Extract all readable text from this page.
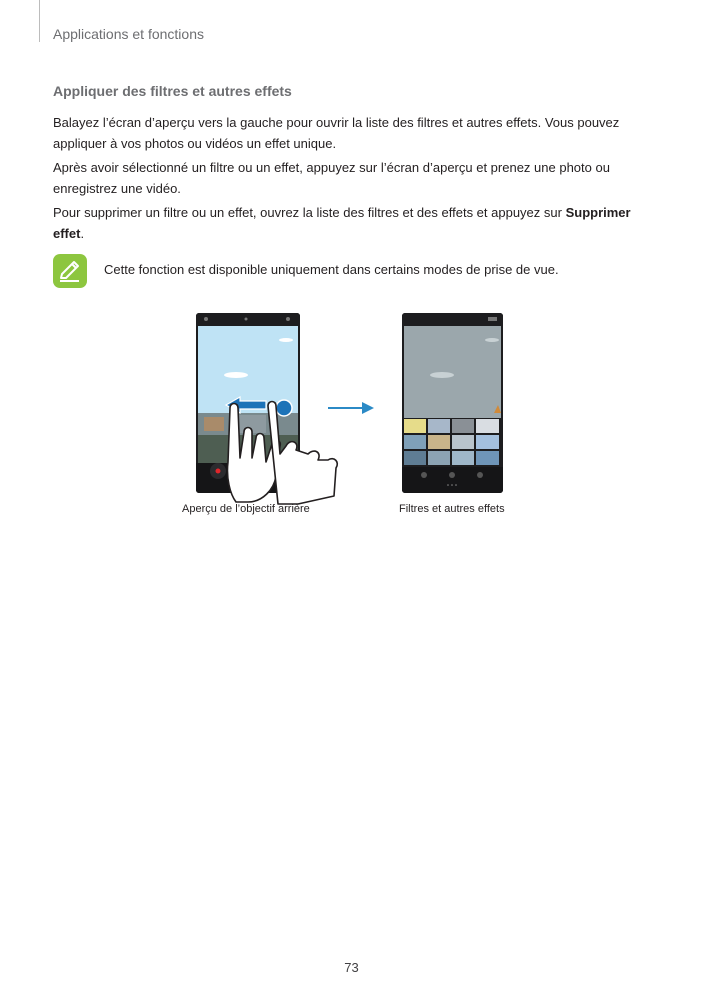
Applications et fonctions
Appliquer des filtres et autres effets
Balayez l’écran d’aperçu vers la gauche pour ouvrir la liste des filtres et autres effets. Vous pouvez appliquer à vos photos ou vidéos un effet unique.
Après avoir sélectionné un filtre ou un effet, appuyez sur l’écran d’aperçu et prenez une photo ou enregistrez une vidéo.
Pour supprimer un filtre ou un effet, ouvrez la liste des filtres et des effets et appuyez sur Supprimer effet.
Cette fonction est disponible uniquement dans certains modes de prise de vue.
Aperçu de l’objectif arrière	Filtres et autres effets
73
